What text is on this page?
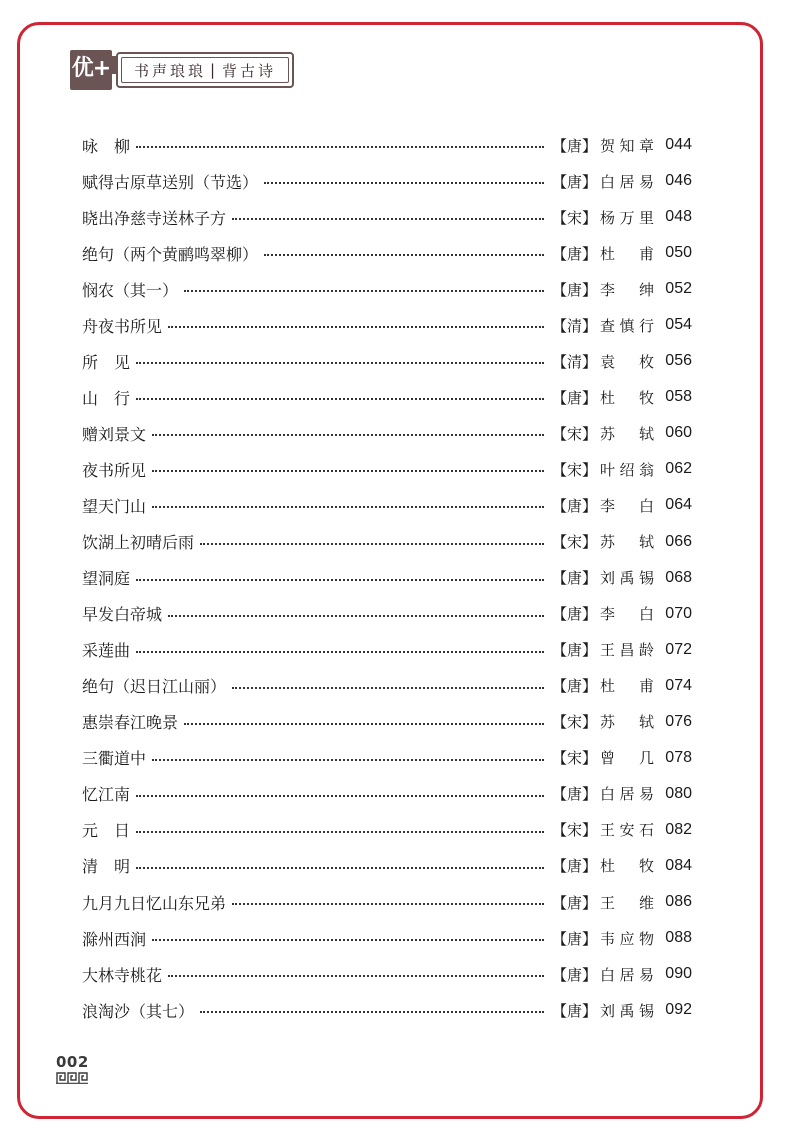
优+ 书声琅琅 | 背古诗
咏　柳	【唐】 贺知章 044
赋得古原草送别（节选）	【唐】 白居易 046
晓出净慈寺送林子方	【宋】 杨万里 048
绝句（两个黄鹂鸣翠柳）	【唐】 杜　甫 050
悯农（其一）	【唐】 李　绅 052
舟夜书所见	【清】 查慎行 054
所　见	【清】 袁　枚 056
山　行	【唐】 杜　牧 058
赠刘景文	【宋】 苏　轼 060
夜书所见	【宋】 叶绍翁 062
望天门山	【唐】 李　白 064
饮湖上初晴后雨	【宋】 苏　轼 066
望洞庭	【唐】 刘禹锡 068
早发白帝城	【唐】 李　白 070
采莲曲	【唐】 王昌龄 072
绝句（迟日江山丽）	【唐】 杜　甫 074
惠崇春江晚景	【宋】 苏　轼 076
三衢道中	【宋】 曾　几 078
忆江南	【唐】 白居易 080
元　日	【宋】 王安石 082
清　明	【唐】 杜　牧 084
九月九日忆山东兄弟	【唐】 王　维 086
滁州西涧	【唐】 韦应物 088
大林寺桃花	【唐】 白居易 090
浪淘沙（其七）	【唐】 刘禹锡 092
002
